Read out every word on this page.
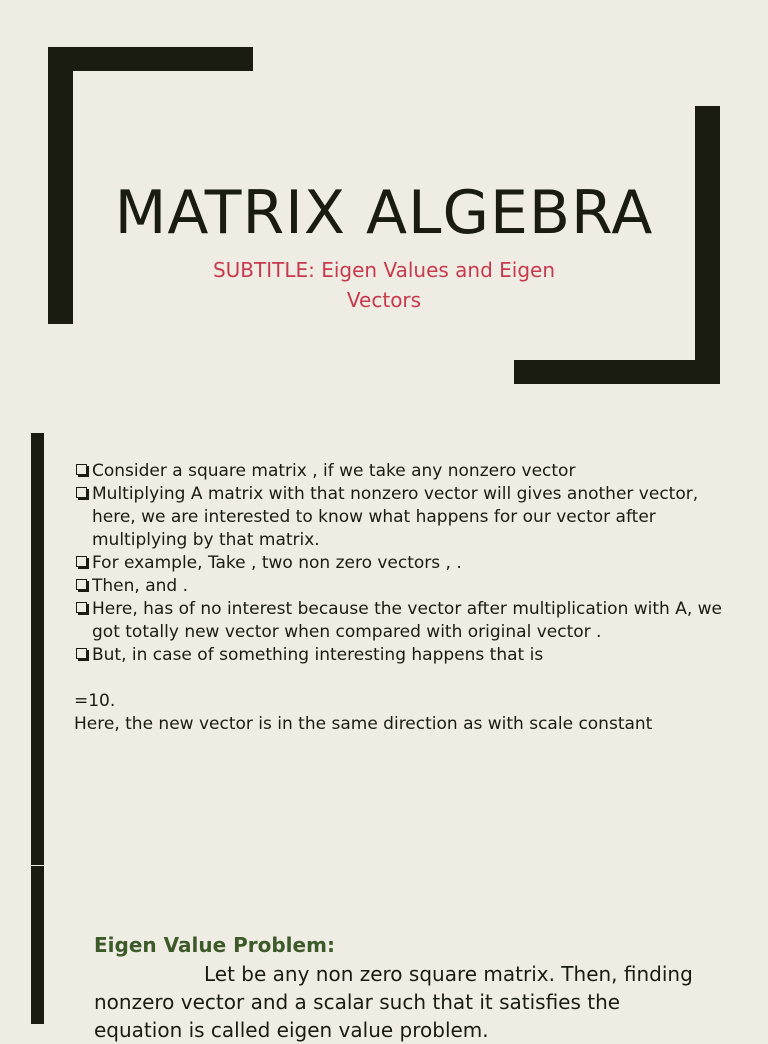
MATRIX ALGEBRA

SUBTITLE: Eigen Values and Eigen Vectors

Consider a square matrix , if we take any nonzero vector
Multiplying A matrix with that nonzero vector will gives another vector, here, we are interested to know what happens for our vector after multiplying by that matrix.
For example, Take , two non zero vectors , .
Then, and .
Here, has of no interest because the vector after multiplication with A, we got totally new vector when compared with original vector .
But, in case of something interesting happens that is

=10.

Here, the new vector is in the same direction as with scale constant

Eigen Value Problem:

Let be any non zero square matrix. Then, finding nonzero vector and a scalar such that it satisfies the equation is called eigen value problem.
